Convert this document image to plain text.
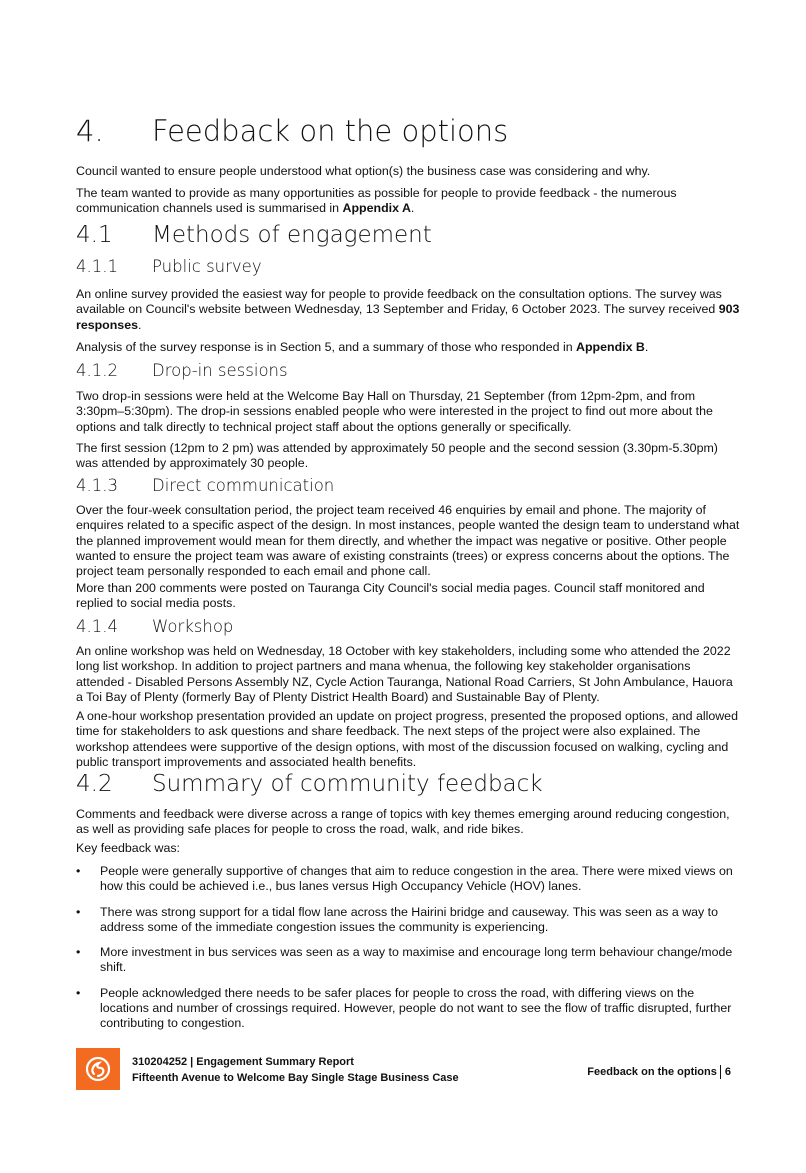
4. Feedback on the options

Council wanted to ensure people understood what option(s) the business case was considering and why.

The team wanted to provide as many opportunities as possible for people to provide feedback - the numerous communication channels used is summarised in Appendix A.

4.1 Methods of engagement
4.1.1 Public survey

An online survey provided the easiest way for people to provide feedback on the consultation options. The survey was available on Council's website between Wednesday, 13 September and Friday, 6 October 2023. The survey received 903 responses.

Analysis of the survey response is in Section 5, and a summary of those who responded in Appendix B.

4.1.2 Drop-in sessions

Two drop-in sessions were held at the Welcome Bay Hall on Thursday, 21 September (from 12pm-2pm, and from 3:30pm–5:30pm). The drop-in sessions enabled people who were interested in the project to find out more about the options and talk directly to technical project staff about the options generally or specifically.

The first session (12pm to 2 pm) was attended by approximately 50 people and the second session (3.30pm-5.30pm) was attended by approximately 30 people.

4.1.3 Direct communication

Over the four-week consultation period, the project team received 46 enquiries by email and phone. The majority of enquires related to a specific aspect of the design. In most instances, people wanted the design team to understand what the planned improvement would mean for them directly, and whether the impact was negative or positive. Other people wanted to ensure the project team was aware of existing constraints (trees) or express concerns about the options. The project team personally responded to each email and phone call.

More than 200 comments were posted on Tauranga City Council's social media pages. Council staff monitored and replied to social media posts.

4.1.4 Workshop

An online workshop was held on Wednesday, 18 October with key stakeholders, including some who attended the 2022 long list workshop. In addition to project partners and mana whenua, the following key stakeholder organisations attended - Disabled Persons Assembly NZ, Cycle Action Tauranga, National Road Carriers, St John Ambulance, Hauora a Toi Bay of Plenty (formerly Bay of Plenty District Health Board) and Sustainable Bay of Plenty.

A one-hour workshop presentation provided an update on project progress, presented the proposed options, and allowed time for stakeholders to ask questions and share feedback. The next steps of the project were also explained. The workshop attendees were supportive of the design options, with most of the discussion focused on walking, cycling and public transport improvements and associated health benefits.

4.2 Summary of community feedback

Comments and feedback were diverse across a range of topics with key themes emerging around reducing congestion, as well as providing safe places for people to cross the road, walk, and ride bikes.

Key feedback was:

• People were generally supportive of changes that aim to reduce congestion in the area. There were mixed views on how this could be achieved i.e., bus lanes versus High Occupancy Vehicle (HOV) lanes.
• There was strong support for a tidal flow lane across the Hairini bridge and causeway. This was seen as a way to address some of the immediate congestion issues the community is experiencing.
• More investment in bus services was seen as a way to maximise and encourage long term behaviour change/mode shift.
• People acknowledged there needs to be safer places for people to cross the road, with differing views on the locations and number of crossings required. However, people do not want to see the flow of traffic disrupted, further contributing to congestion.
310204252 | Engagement Summary Report
Fifteenth Avenue to Welcome Bay Single Stage Business Case
Feedback on the options 6
